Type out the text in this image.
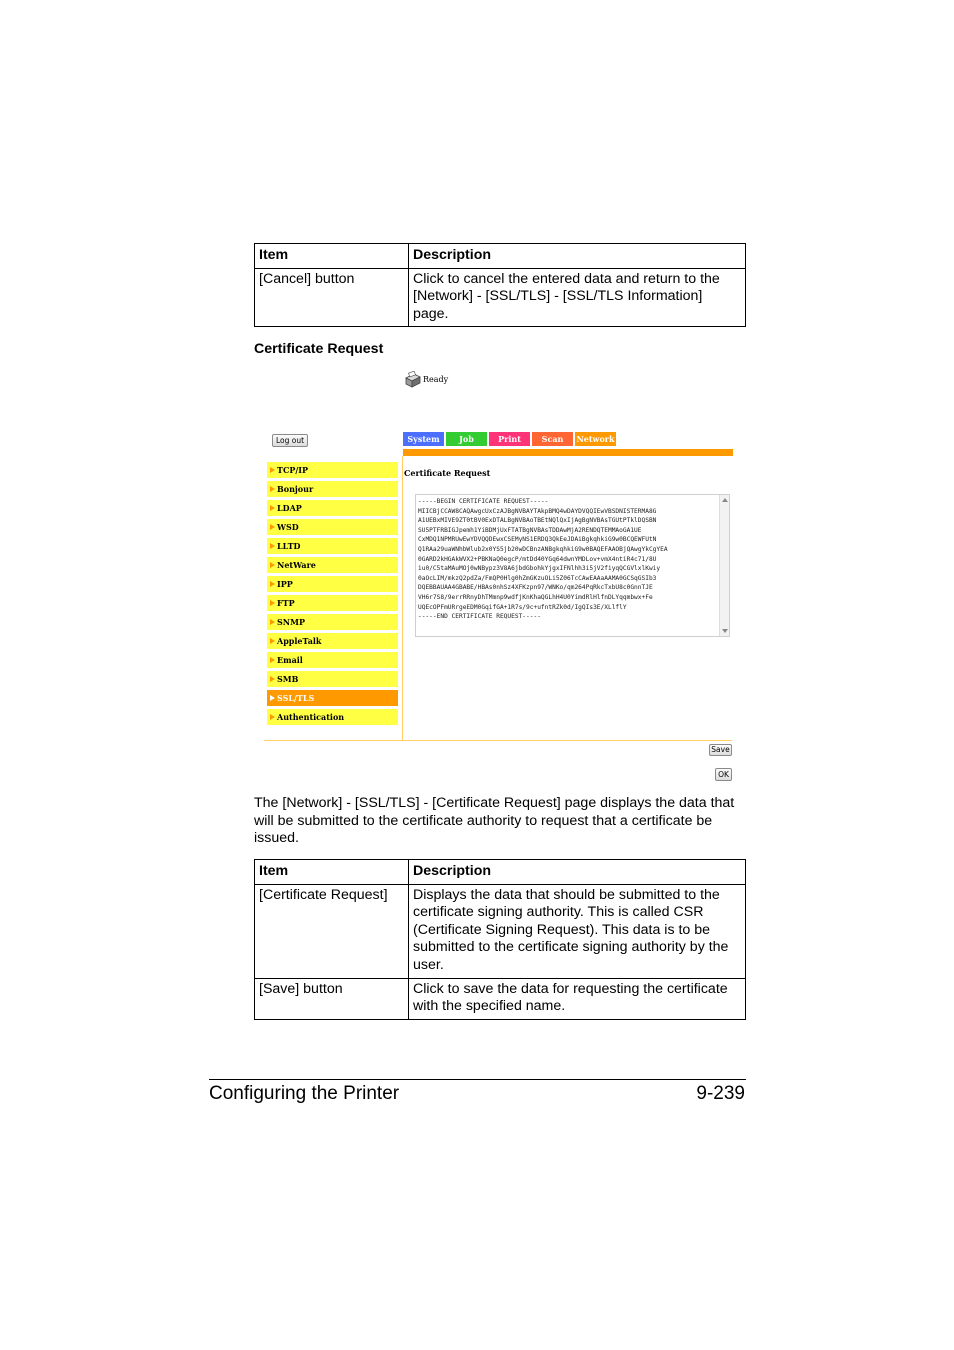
Item	Description
[Cancel] button	Click to cancel the entered data and return to the [Network] - [SSL/TLS] - [SSL/TLS Information] page.
Certificate Request
Ready
Log out	System	Job	Print	Scan	Network
TCP/IP
Bonjour
LDAP
WSD
LLTD
NetWare
IPP
FTP
SNMP
AppleTalk
Email
SMB
SSL/TLS
Authentication
Certificate Request
-----BEGIN CERTIFICATE REQUEST-----
MIICBjCCAW8CAQAwgcUxCzAJBgNVBAYTAkpBMQ4wDAYDVQQIEwVBSDNISTERMA8G
A1UEBxMIVE9ZT0tBV0ExDTALBgNVBAoTBEtNQlQxIjAgBgNVBAsTGUtPTklDQSBN
SU5PTFRBIGJpemh1YiBDMjUxFTATBgNVBAsTDDAwMjA2RENDQTEMMAoGA1UE
CxMDQ1NPMRUwEwYDVQQDEwxCSEMyNS1ERDQ3QkEeJDAiBgkqhkiG9w0BCQEWFUtN
Q1RAa29uaWNhbWlub2x0YS5jb20wDCBnzANBgkqhkiG9w0BAQEFAAOBjQAwgYkCgYEA
0GARD2kHGAkWVX2+PBKNaQ0egcP/mtDd40YGq64dwnYMDLov+vmX4ntiR4c71/8U
iu0/C5taMAuMOj0wNBypz3V8A6jbdGbohkYjgxIFNlhh3i5jV2fiyqQCGVlxlKwiy
0aOcLIM/mkzQ2pdZa/FmQP0Hlg0hZmGKzuOLi5Z06TcCAwEAAaAAMA0GCSqGSIb3
DQEBBAUAA4GBABE/HBAs0nhSz4XFKzpn97/WNKo/qm264PqRkcTxbU8c0GnnTJE
VH6r7S8/9errRRnyDhTMmnp9wdfjKnKhaQGLhH4U0YimdRlHlfnDLYqqmbwx+Fe
UQEcOPFmURrgeEDM0GqifGA+1R7s/9c+ufntRZk0d/IgQIs3E/XLlflY
-----END CERTIFICATE REQUEST-----
Save
OK
The [Network] - [SSL/TLS] - [Certificate Request] page displays the data that will be submitted to the certificate authority to request that a certificate be issued.
Item	Description
[Certificate Request]	Displays the data that should be submitted to the certificate signing authority. This is called CSR (Certificate Signing Request). This data is to be submitted to the certificate signing authority by the user.
[Save] button	Click to save the data for requesting the certificate with the specified name.
Configuring the Printer	9-239
